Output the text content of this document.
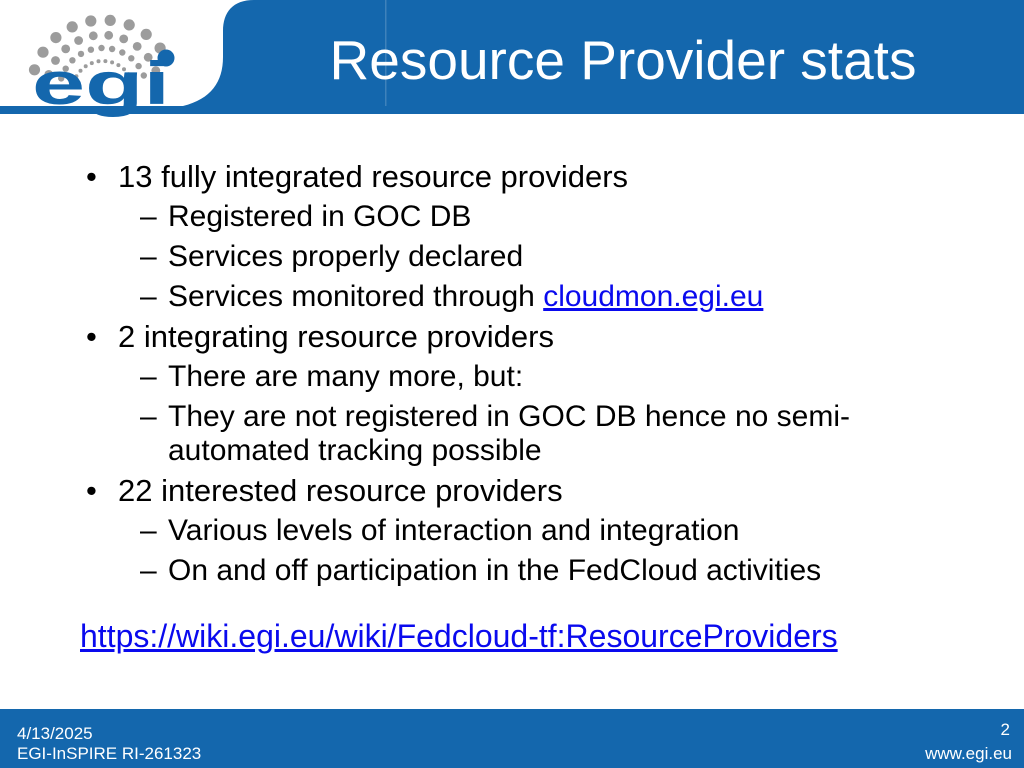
egi	Resource Provider stats
• 13 fully integrated resource providers
– Registered in GOC DB
– Services properly declared
– Services monitored through cloudmon.egi.eu
• 2 integrating resource providers
– There are many more, but:
– They are not registered in GOC DB hence no semi-automated tracking possible
• 22 interested resource providers
– Various levels of interaction and integration
– On and off participation in the FedCloud activities
https://wiki.egi.eu/wiki/Fedcloud-tf:ResourceProviders
4/13/2025
EGI-InSPIRE RI-261323
2
www.egi.eu
